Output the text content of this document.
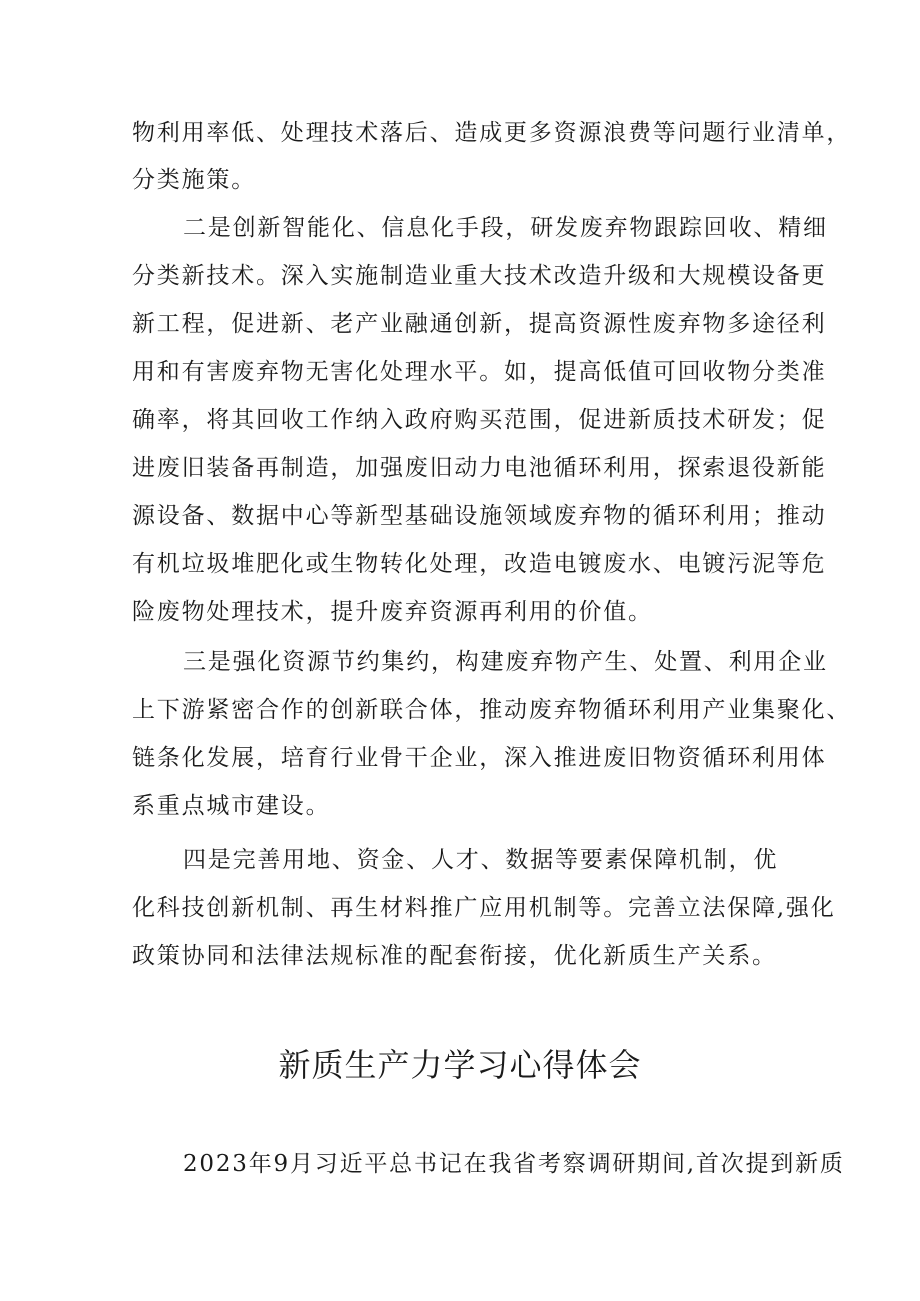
物利用率低、处理技术落后、造成更多资源浪费等问题行业清单，
分类施策。
二是创新智能化、信息化手段，研发废弃物跟踪回收、精细
分类新技术。深入实施制造业重大技术改造升级和大规模设备更
新工程，促进新、老产业融通创新，提高资源性废弃物多途径利
用和有害废弃物无害化处理水平。如，提高低值可回收物分类准
确率，将其回收工作纳入政府购买范围，促进新质技术研发；促
进废旧装备再制造，加强废旧动力电池循环利用，探索退役新能
源设备、数据中心等新型基础设施领域废弃物的循环利用；推动
有机垃圾堆肥化或生物转化处理，改造电镀废水、电镀污泥等危
险废物处理技术，提升废弃资源再利用的价值。
三是强化资源节约集约，构建废弃物产生、处置、利用企业
上下游紧密合作的创新联合体，推动废弃物循环利用产业集聚化、
链条化发展，培育行业骨干企业，深入推进废旧物资循环利用体
系重点城市建设。
四是完善用地、资金、人才、数据等要素保障机制，优
化科技创新机制、再生材料推广应用机制等。完善立法保障,强化
政策协同和法律法规标准的配套衔接，优化新质生产关系。
新质生产力学习心得体会
2023年9月习近平总书记在我省考察调研期间,首次提到新质
